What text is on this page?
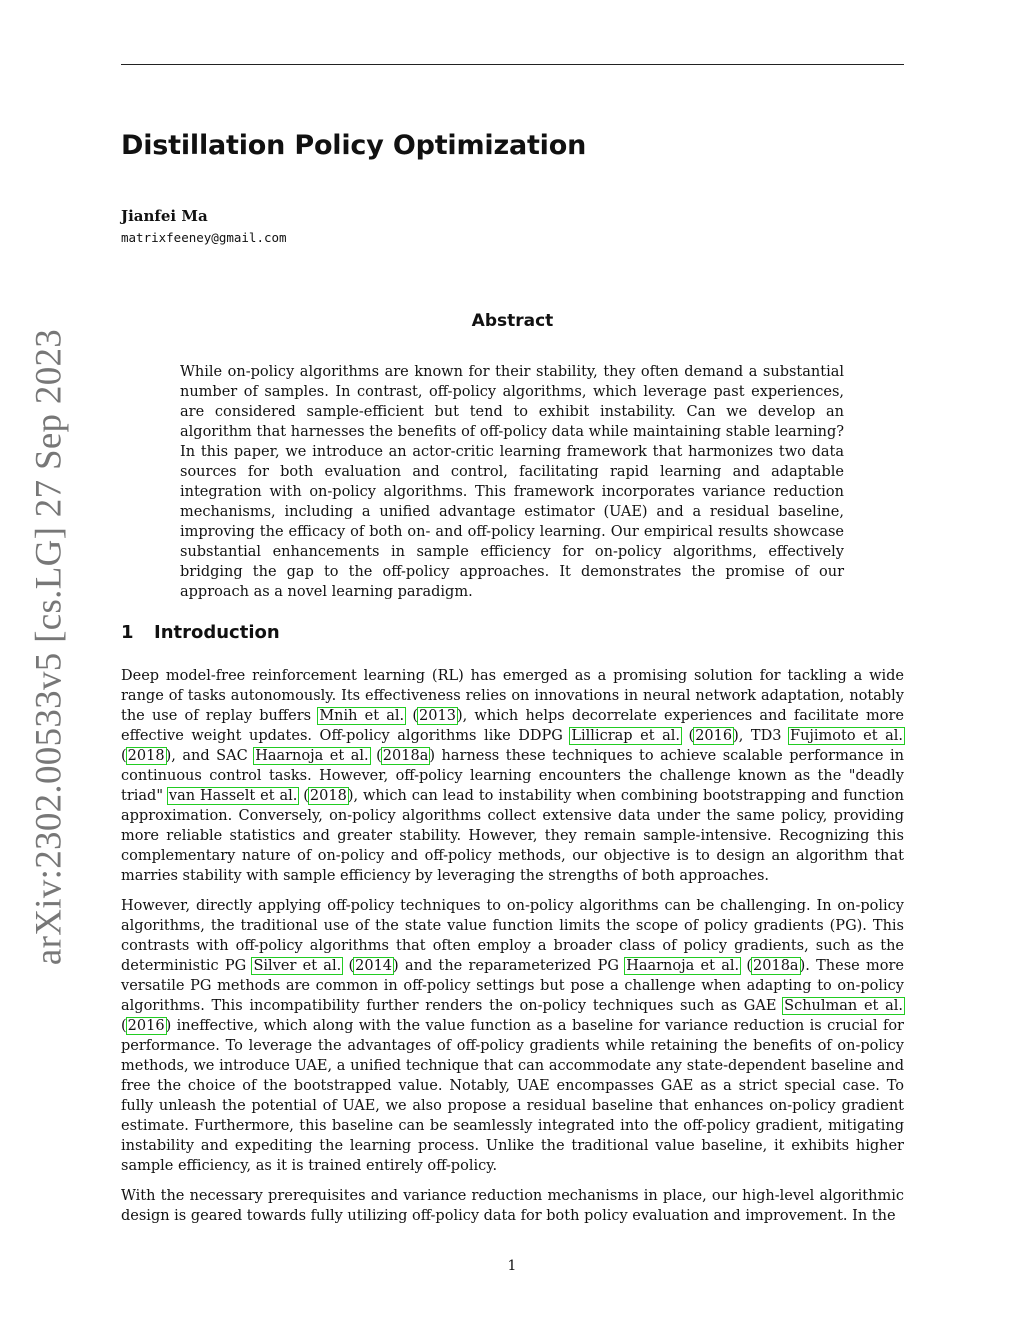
Distillation Policy Optimization
Jianfei Ma
matrixfeeney@gmail.com
Abstract

While on-policy algorithms are known for their stability, they often demand a substantial number of samples. In contrast, off-policy algorithms, which leverage past experiences, are considered sample-efficient but tend to exhibit instability. Can we develop an algorithm that harnesses the benefits of off-policy data while maintaining stable learning? In this paper, we introduce an actor-critic learning framework that harmonizes two data sources for both evaluation and control, facilitating rapid learning and adaptable integration with on-policy algorithms. This framework incorporates variance reduction mechanisms, including a unified advantage estimator (UAE) and a residual baseline, improving the efficacy of both on- and off-policy learning. Our empirical results showcase substantial enhancements in sample efficiency for on-policy algorithms, effectively bridging the gap to the off-policy approaches. It demonstrates the promise of our approach as a novel learning paradigm.

arXiv:2302.00533v5 [cs.LG] 27 Sep 2023	1 Introduction

Deep model-free reinforcement learning (RL) has emerged as a promising solution for tackling a wide range of tasks autonomously. Its effectiveness relies on innovations in neural network adaptation, notably the use of replay buffers Mnih et al. (2013), which helps decorrelate experiences and facilitate more effective weight updates. Off-policy algorithms like DDPG Lillicrap et al. (2016), TD3 Fujimoto et al. (2018), and SAC Haarnoja et al. (2018a) harness these techniques to achieve scalable performance in continuous control tasks. However, off-policy learning encounters the challenge known as the "deadly triad" van Hasselt et al. (2018), which can lead to instability when combining bootstrapping and function approximation. Conversely, on-policy algorithms collect extensive data under the same policy, providing more reliable statistics and greater stability. However, they remain sample-intensive. Recognizing this complementary nature of on-policy and off-policy methods, our objective is to design an algorithm that marries stability with sample efficiency by leveraging the strengths of both approaches.

However, directly applying off-policy techniques to on-policy algorithms can be challenging. In on-policy algorithms, the traditional use of the state value function limits the scope of policy gradients (PG). This contrasts with off-policy algorithms that often employ a broader class of policy gradients, such as the deterministic PG Silver et al. (2014) and the reparameterized PG Haarnoja et al. (2018a). These more versatile PG methods are common in off-policy settings but pose a challenge when adapting to on-policy algorithms. This incompatibility further renders the on-policy techniques such as GAE Schulman et al. (2016) ineffective, which along with the value function as a baseline for variance reduction is crucial for performance. To leverage the advantages of off-policy gradients while retaining the benefits of on-policy methods, we introduce UAE, a unified technique that can accommodate any state-dependent baseline and free the choice of the bootstrapped value. Notably, UAE encompasses GAE as a strict special case. To fully unleash the potential of UAE, we also propose a residual baseline that enhances on-policy gradient estimate. Furthermore, this baseline can be seamlessly integrated into the off-policy gradient, mitigating instability and expediting the learning process. Unlike the traditional value baseline, it exhibits higher sample efficiency, as it is trained entirely off-policy.

With the necessary prerequisites and variance reduction mechanisms in place, our high-level algorithmic design is geared towards fully utilizing off-policy data for both policy evaluation and improvement. In the

1
